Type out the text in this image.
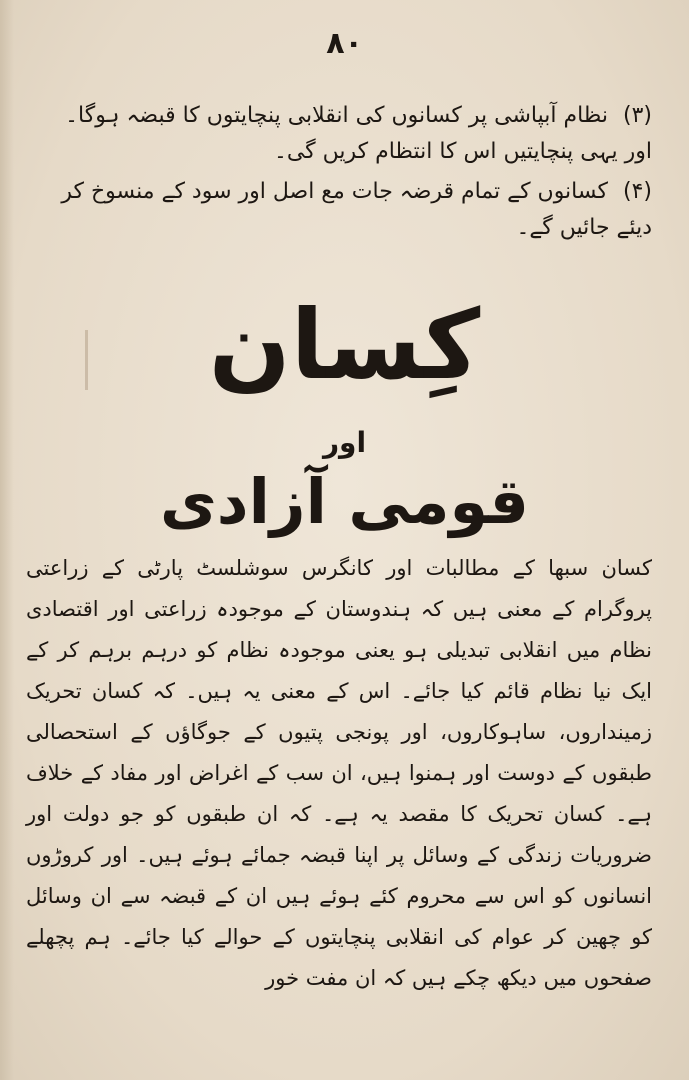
۸۰
(۳) نظام آبپاشی پر کسانوں کی انقلابی پنچایتوں کا قبضہ ہوگا۔ اور یہی پنچایتیں اس کا انتظام کریں گی۔
(۴) کسانوں کے تمام قرضہ جات مع اصل اور سود کے منسوخ کر دیئے جائیں گے۔
کِسان
اور
قومی آزادی
کسان سبھا کے مطالبات اور کانگرس سوشلسٹ پارٹی کے زراعتی پروگرام کے معنی ہیں کہ ہندوستان کے موجودہ زراعتی اور اقتصادی نظام میں انقلابی تبدیلی ہو یعنی موجودہ نظام کو درہم برہم کر کے ایک نیا نظام قائم کیا جائے۔ اس کے معنی یہ ہیں۔ کہ کسان تحریک زمینداروں، ساہوکاروں، اور پونجی پتیوں کے جوگاؤں کے استحصالی طبقوں کے دوست اور ہمنوا ہیں، ان سب کے اغراض اور مفاد کے خلاف ہے۔ کسان تحریک کا مقصد یہ ہے۔ کہ ان طبقوں کو جو دولت اور ضروریات زندگی کے وسائل پر اپنا قبضہ جمائے ہوئے ہیں۔ اور کروڑوں انسانوں کو اس سے محروم کئے ہوئے ہیں ان کے قبضہ سے ان وسائل کو چھین کر عوام کی انقلابی پنچایتوں کے حوالے کیا جائے۔ ہم پچھلے صفحوں میں دیکھ چکے ہیں کہ ان مفت خور
